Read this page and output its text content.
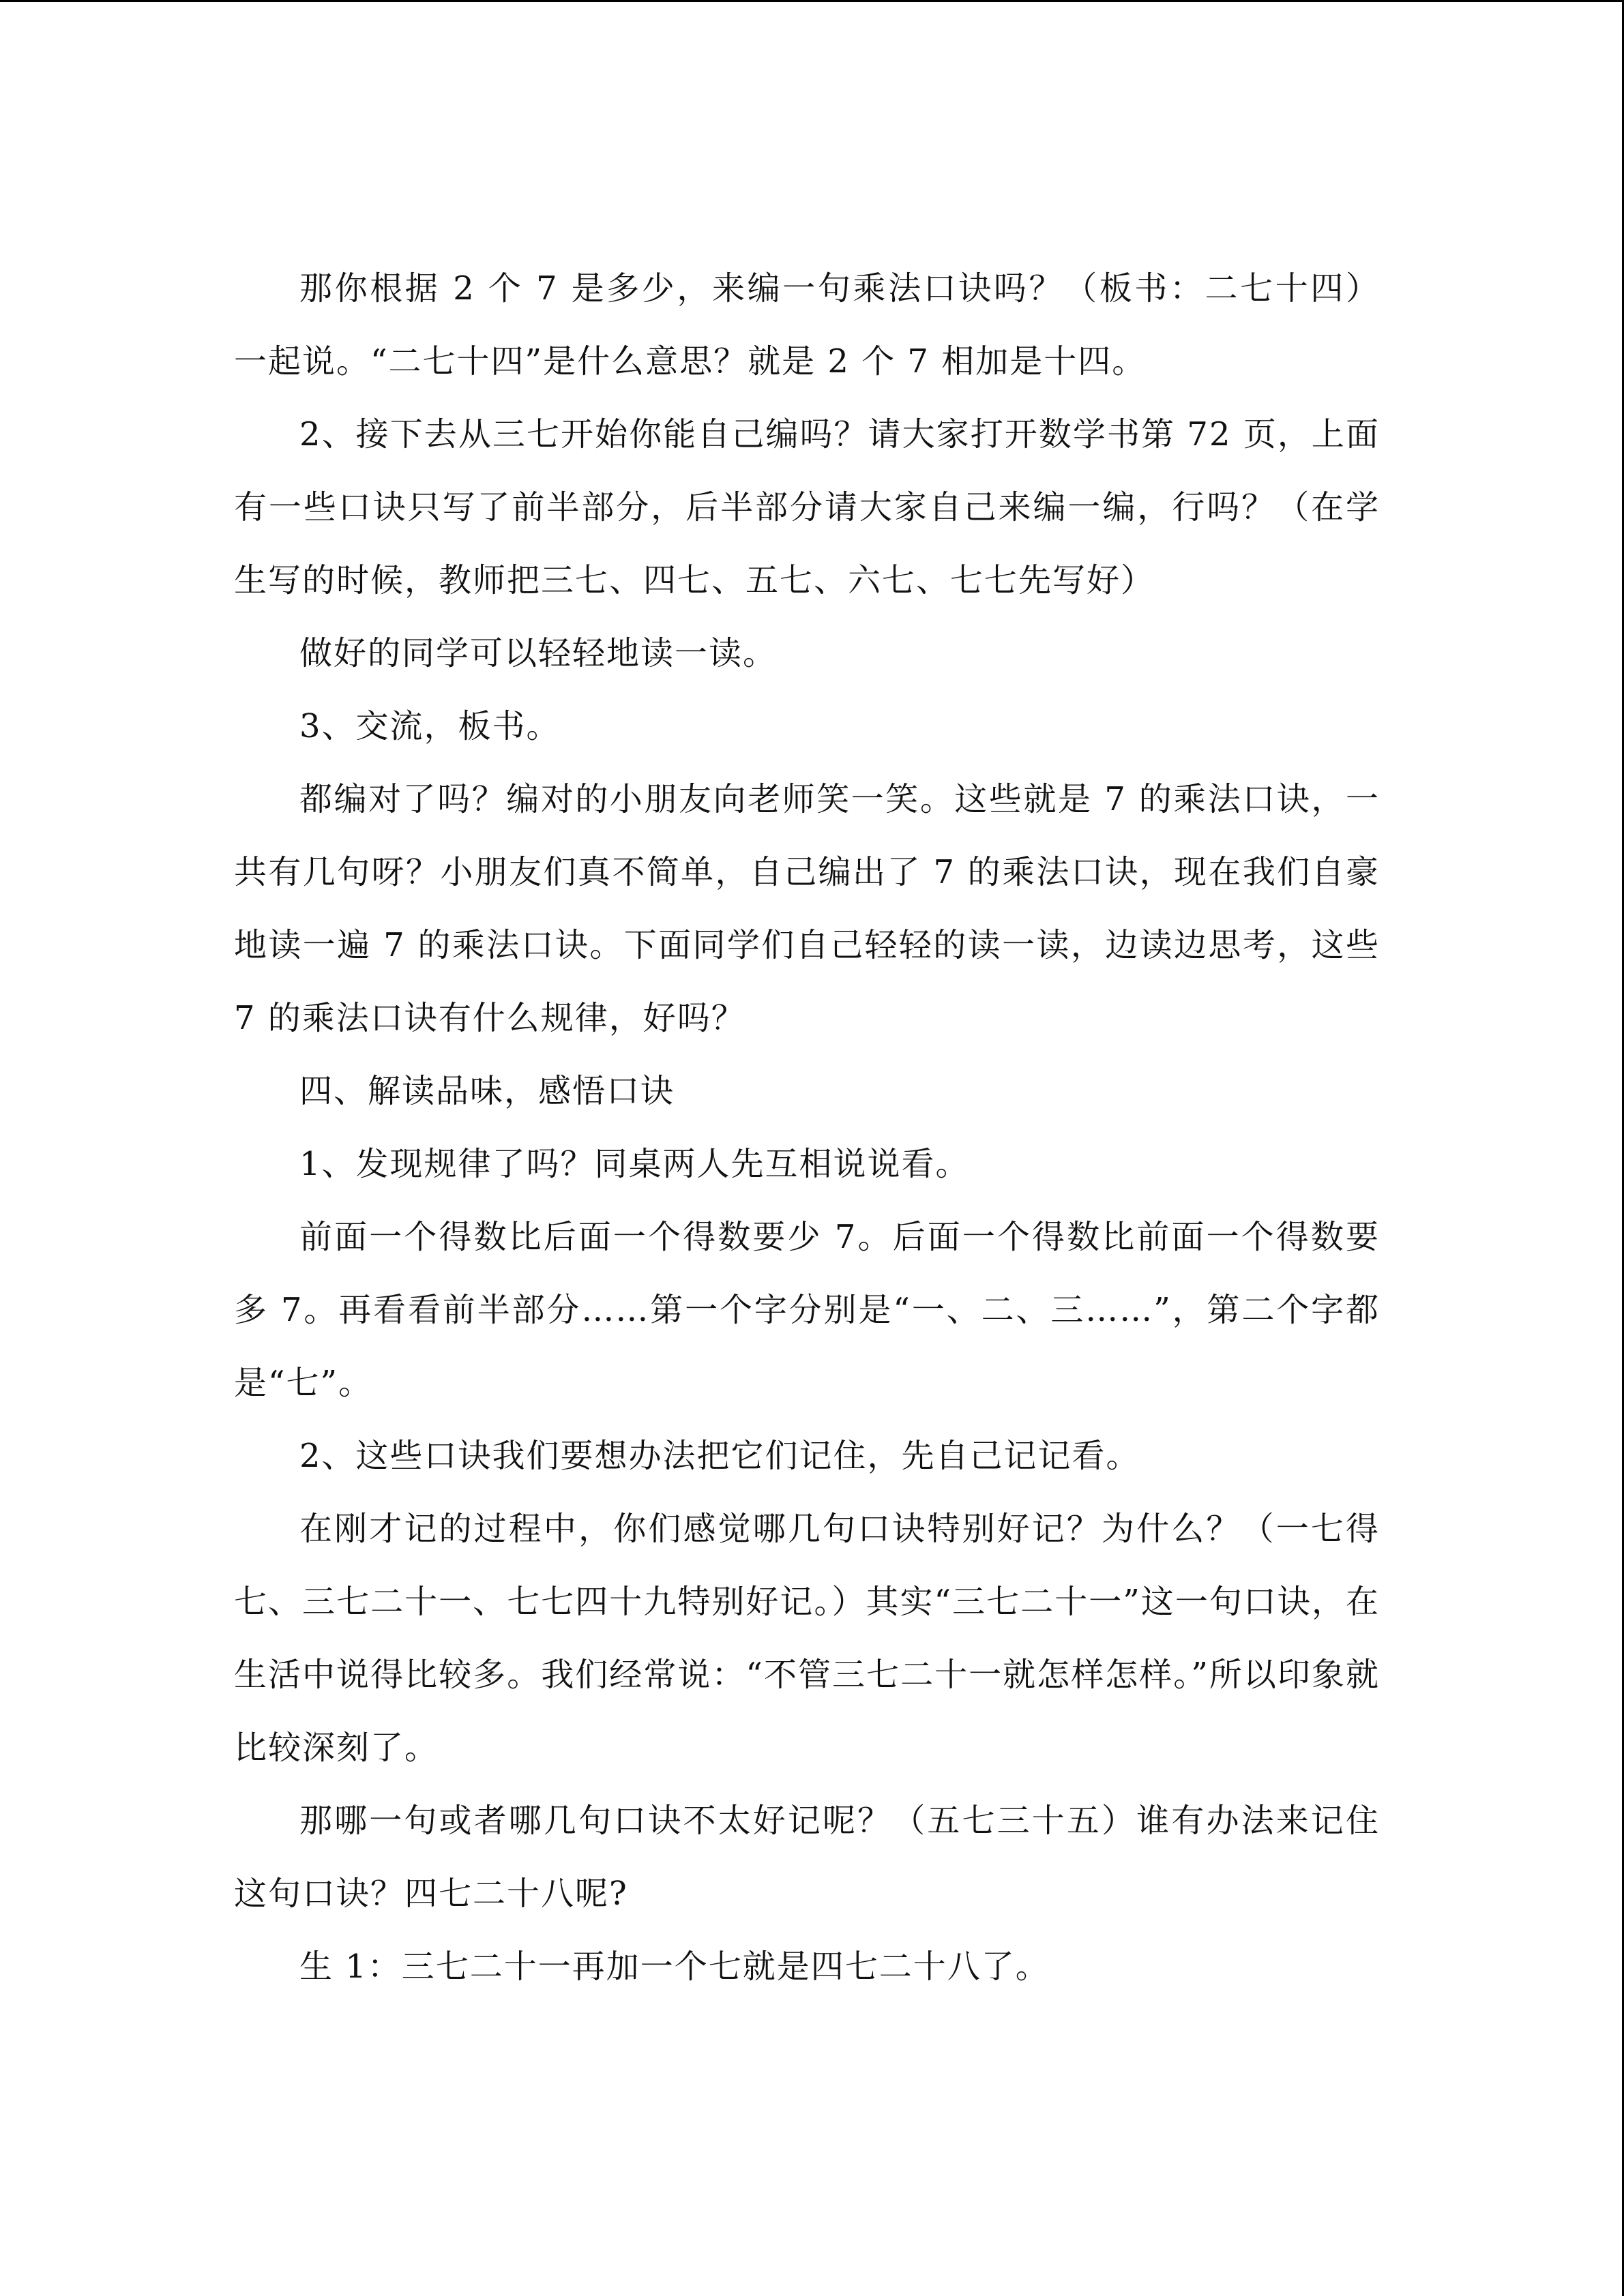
那你根据 2 个 7 是多少，来编一句乘法口诀吗？（板书：二七十四）一起说。“二七十四”是什么意思？就是 2 个 7 相加是十四。

2、接下去从三七开始你能自己编吗？请大家打开数学书第 72 页，上面有一些口诀只写了前半部分，后半部分请大家自己来编一编，行吗？（在学生写的时候，教师把三七、四七、五七、六七、七七先写好）

做好的同学可以轻轻地读一读。

3、交流，板书。

都编对了吗？编对的小朋友向老师笑一笑。这些就是 7 的乘法口诀，一共有几句呀？小朋友们真不简单，自己编出了 7 的乘法口诀，现在我们自豪地读一遍 7 的乘法口诀。下面同学们自己轻轻的读一读，边读边思考，这些 7 的乘法口诀有什么规律，好吗？

四、解读品味，感悟口诀

1、发现规律了吗？同桌两人先互相说说看。

前面一个得数比后面一个得数要少 7。后面一个得数比前面一个得数要多 7。再看看前半部分……第一个字分别是“一、二、三……”，第二个字都是“七”。

2、这些口诀我们要想办法把它们记住，先自己记记看。

在刚才记的过程中，你们感觉哪几句口诀特别好记？为什么？（一七得七、三七二十一、七七四十九特别好记。）其实“三七二十一”这一句口诀，在生活中说得比较多。我们经常说：“不管三七二十一就怎样怎样。”所以印象就比较深刻了。

那哪一句或者哪几句口诀不太好记呢？（五七三十五）谁有办法来记住这句口诀？四七二十八呢?

生 1：三七二十一再加一个七就是四七二十八了。
